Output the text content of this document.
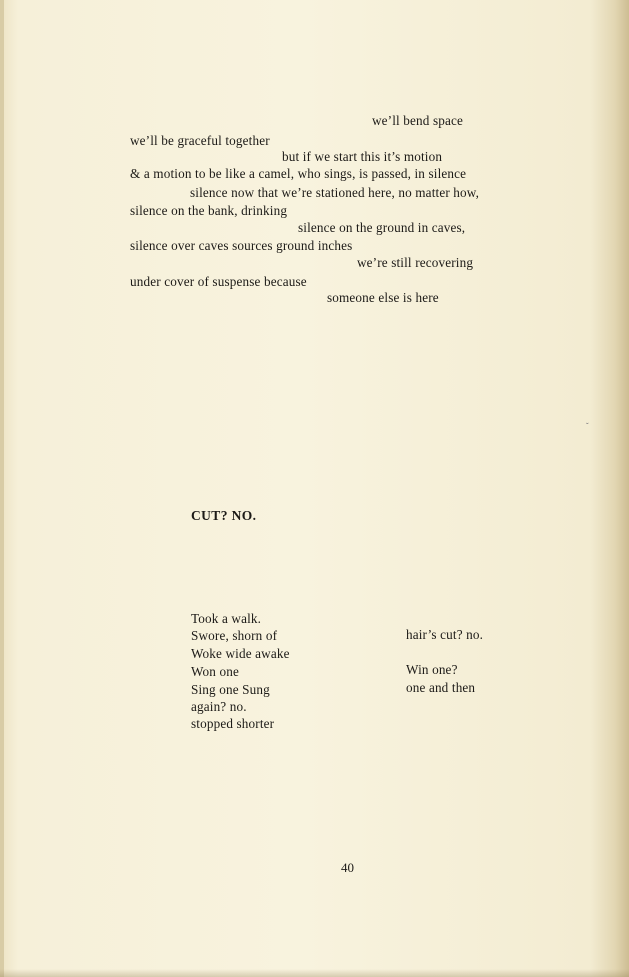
we’ll bend space
we’ll be graceful together
but if we start this it’s motion
& a motion to be like a camel, who sings, is passed, in silence
silence now that we’re stationed here, no matter how,
silence on the bank, drinking
silence on the ground in caves,
silence over caves sources ground inches
we’re still recovering
under cover of suspense because
someone else is here
ˬ
CUT? NO.
Took a walk.
Swore, shorn of
Woke wide awake
Won one
Sing one Sung
again? no.
stopped shorter
hair’s cut? no.
Win one?
one and then
40
